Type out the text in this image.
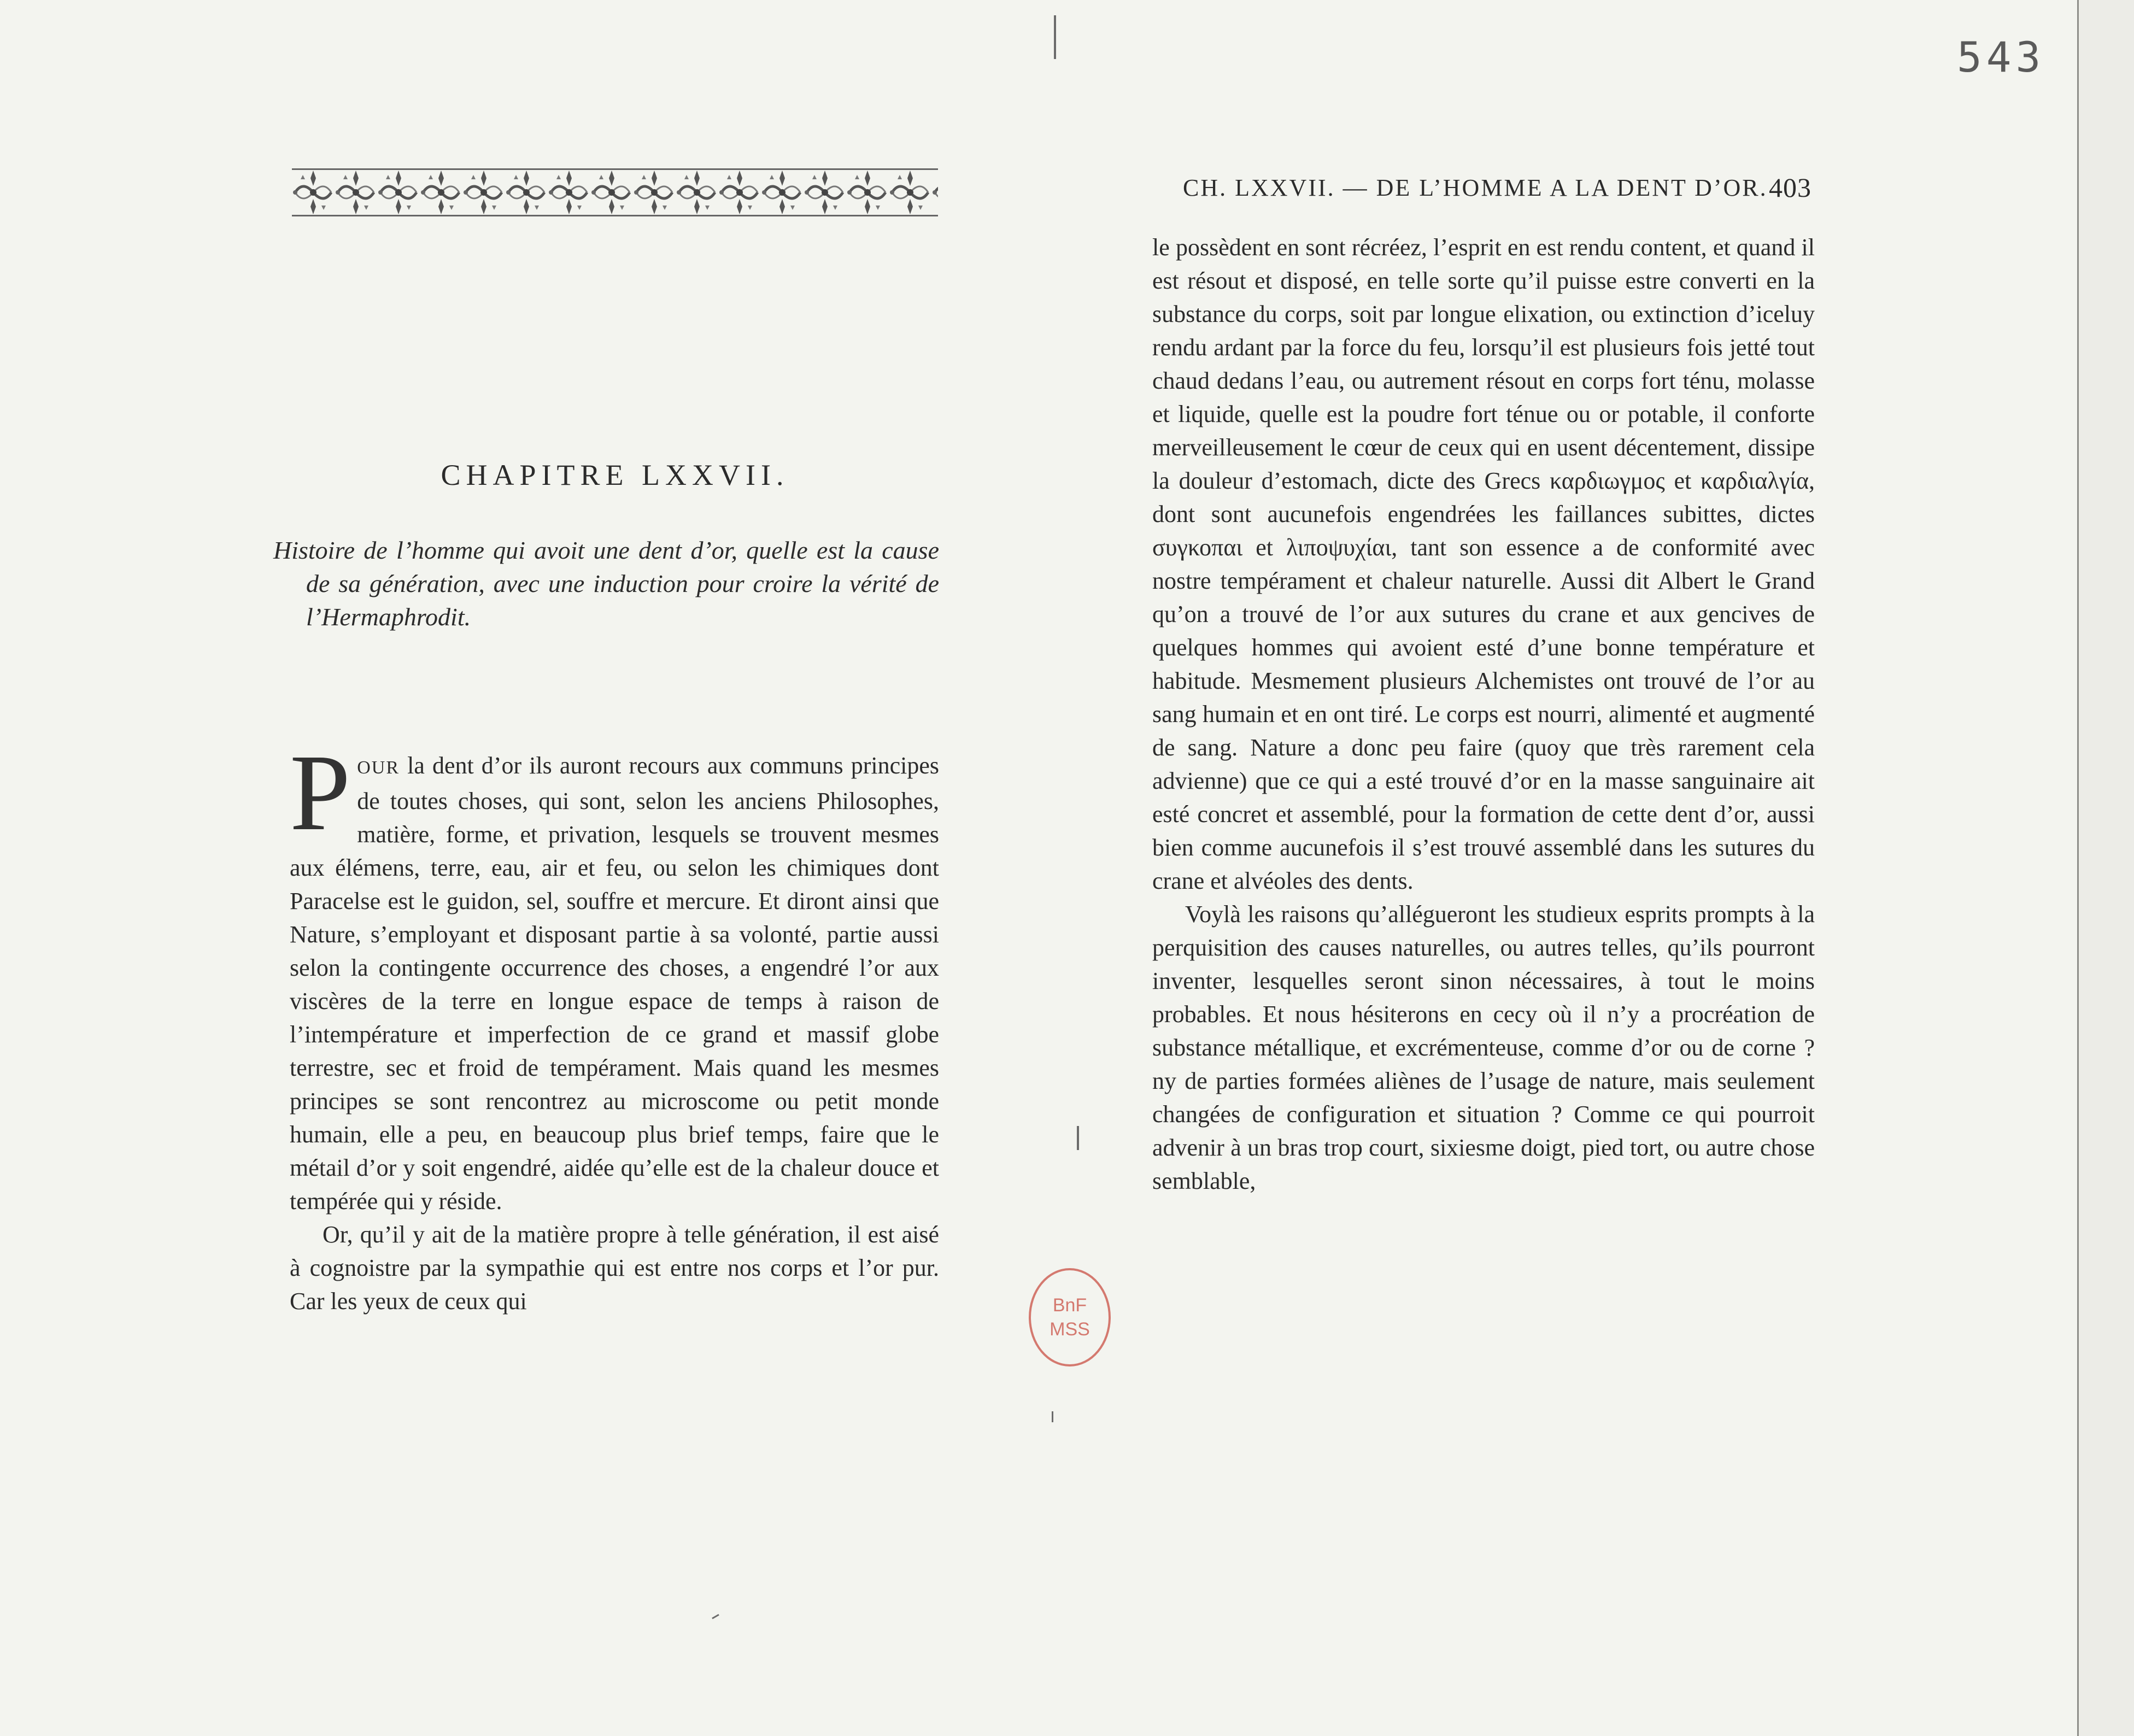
CH. LXXVII. — DE L’HOMME A LA DENT D’OR. 403
CHAPITRE LXXVII.
Histoire de l’homme qui avoit une dent d’or, quelle est la cause de sa génération, avec une induction pour croire la vérité de l’Hermaphrodit.

POUR la dent d’or ils auront recours aux communs principes de toutes choses, qui sont, selon les anciens Philosophes, matière, forme, et privation, lesquels se trouvent mesmes aux élémens, terre, eau, air et feu, ou selon les chimiques dont Paracelse est le guidon, sel, souffre et mercure. Et diront ainsi que Nature, s’employant et disposant partie à sa volonté, partie aussi selon la contingente occurrence des choses, a engendré l’or aux viscères de la terre en longue espace de temps à raison de l’intempérature et imperfection de ce grand et massif globe terrestre, sec et froid de tempérament. Mais quand les mesmes principes se sont rencontrez au microscome ou petit monde humain, elle a peu, en beaucoup plus brief temps, faire que le métail d’or y soit engendré, aidée qu’elle est de la chaleur douce et tempérée qui y réside.

Or, qu’il y ait de la matière propre à telle génération, il est aisé à cognoistre par la sympathie qui est entre nos corps et l’or pur. Car les yeux de ceux qui

le possèdent en sont récréez, l’esprit en est rendu content, et quand il est résout et disposé, en telle sorte qu’il puisse estre converti en la substance du corps, soit par longue elixation, ou extinction d’iceluy rendu ardant par la force du feu, lorsqu’il est plusieurs fois jetté tout chaud dedans l’eau, ou autrement résout en corps fort ténu, molasse et liquide, quelle est la poudre fort ténue ou or potable, il conforte merveilleusement le cœur de ceux qui en usent décentement, dissipe la douleur d’estomach, dicte des Grecs καρδιωγμος et καρδιαλγία, dont sont aucunefois engendrées les faillances subittes, dictes συγκοπαι et λιποψυχίαι, tant son essence a de conformité avec nostre tempérament et chaleur naturelle. Aussi dit Albert le Grand qu’on a trouvé de l’or aux sutures du crane et aux gencives de quelques hommes qui avoient esté d’une bonne température et habitude. Mesmement plusieurs Alchemistes ont trouvé de l’or au sang humain et en ont tiré. Le corps est nourri, alimenté et augmenté de sang. Nature a donc peu faire (quoy que très rarement cela advienne) que ce qui a esté trouvé d’or en la masse sanguinaire ait esté concret et assemblé, pour la formation de cette dent d’or, aussi bien comme aucunefois il s’est trouvé assemblé dans les sutures du crane et alvéoles des dents.

Voylà les raisons qu’allégueront les studieux esprits prompts à la perquisition des causes naturelles, ou autres telles, qu’ils pourront inventer, lesquelles seront sinon nécessaires, à tout le moins probables. Et nous hésiterons en cecy où il n’y a procréation de substance métallique, et excrémenteuse, comme d’or ou de corne ? ny de parties formées aliènes de l’usage de nature, mais seulement changées de configuration et situation ? Comme ce qui pourroit advenir à un bras trop court, sixiesme doigt, pied tort, ou autre chose semblable,

BnF
MSS
543
